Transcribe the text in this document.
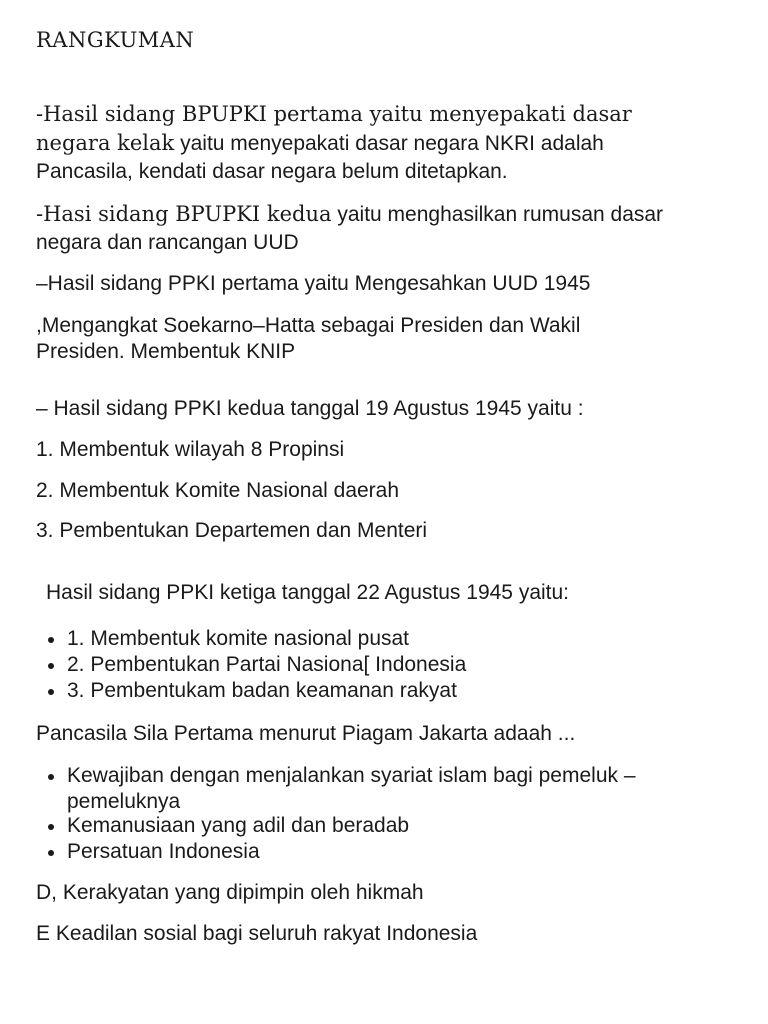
RANGKUMAN
-Hasil sidang BPUPKI pertama yaitu menyepakati dasar
negara kelak yaitu menyepakati dasar negara NKRI adalah
Pancasila, kendati dasar negara belum ditetapkan.
-Hasi sidang BPUPKI kedua yaitu menghasilkan rumusan dasar
negara dan rancangan UUD
–Hasil sidang PPKI pertama yaitu Mengesahkan UUD 1945
,Mengangkat Soekarno–Hatta sebagai Presiden dan Wakil
Presiden. Membentuk KNIP
– Hasil sidang PPKI kedua tanggal 19 Agustus 1945 yaitu :
1. Membentuk wilayah 8 Propinsi
2. Membentuk Komite Nasional daerah
3. Pembentukan Departemen dan Menteri
Hasil sidang PPKI ketiga tanggal 22 Agustus 1945 yaitu:
1. Membentuk komite nasional pusat
2. Pembentukan Partai Nasiona[ Indonesia
3. Pembentukam badan keamanan rakyat
Pancasila Sila Pertama menurut Piagam Jakarta adaah ...
Kewajiban dengan menjalankan syariat islam bagi pemeluk –
pemeluknya
Kemanusiaan yang adil dan beradab
Persatuan Indonesia
D, Kerakyatan yang dipimpin oleh hikmah
E Keadilan sosial bagi seluruh rakyat Indonesia
